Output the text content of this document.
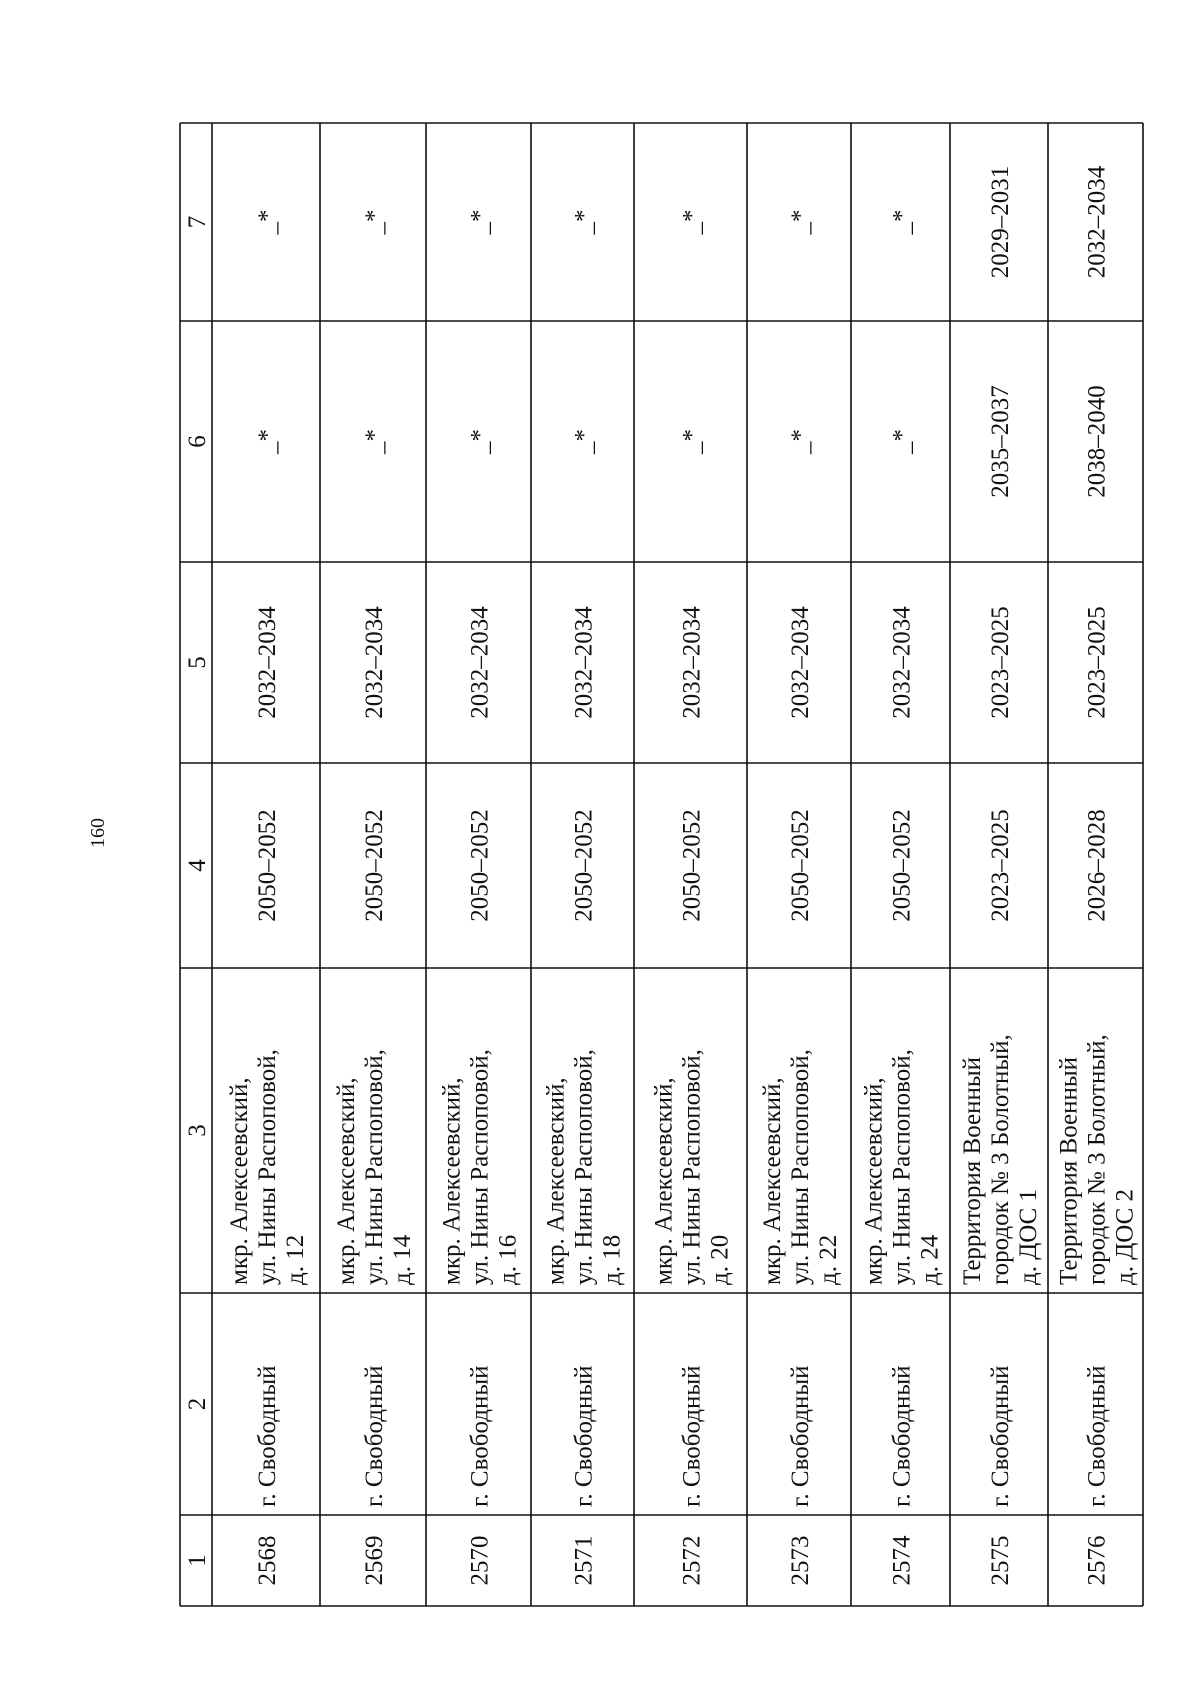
160
1
2
3
4
5
6
7
2568
г. Свободный
мкр. Алексеевский, ул. Нины Распоповой, д. 12
2050–2052
2032–2034
_*
_*
2569
г. Свободный
мкр. Алексеевский, ул. Нины Распоповой, д. 14
2050–2052
2032–2034
_*
_*
2570
г. Свободный
мкр. Алексеевский, ул. Нины Распоповой, д. 16
2050–2052
2032–2034
_*
_*
2571
г. Свободный
мкр. Алексеевский, ул. Нины Распоповой, д. 18
2050–2052
2032–2034
_*
_*
2572
г. Свободный
мкр. Алексеевский, ул. Нины Распоповой, д. 20
2050–2052
2032–2034
_*
_*
2573
г. Свободный
мкр. Алексеевский, ул. Нины Распоповой, д. 22
2050–2052
2032–2034
_*
_*
2574
г. Свободный
мкр. Алексеевский, ул. Нины Распоповой, д. 24
2050–2052
2032–2034
_*
_*
2575
г. Свободный
Территория Военный городок № 3 Болотный, д. ДОС 1
2023–2025
2023–2025
2035–2037
2029–2031
2576
г. Свободный
Территория Военный городок № 3 Болотный, д. ДОС 2
2026–2028
2023–2025
2038–2040
2032–2034
